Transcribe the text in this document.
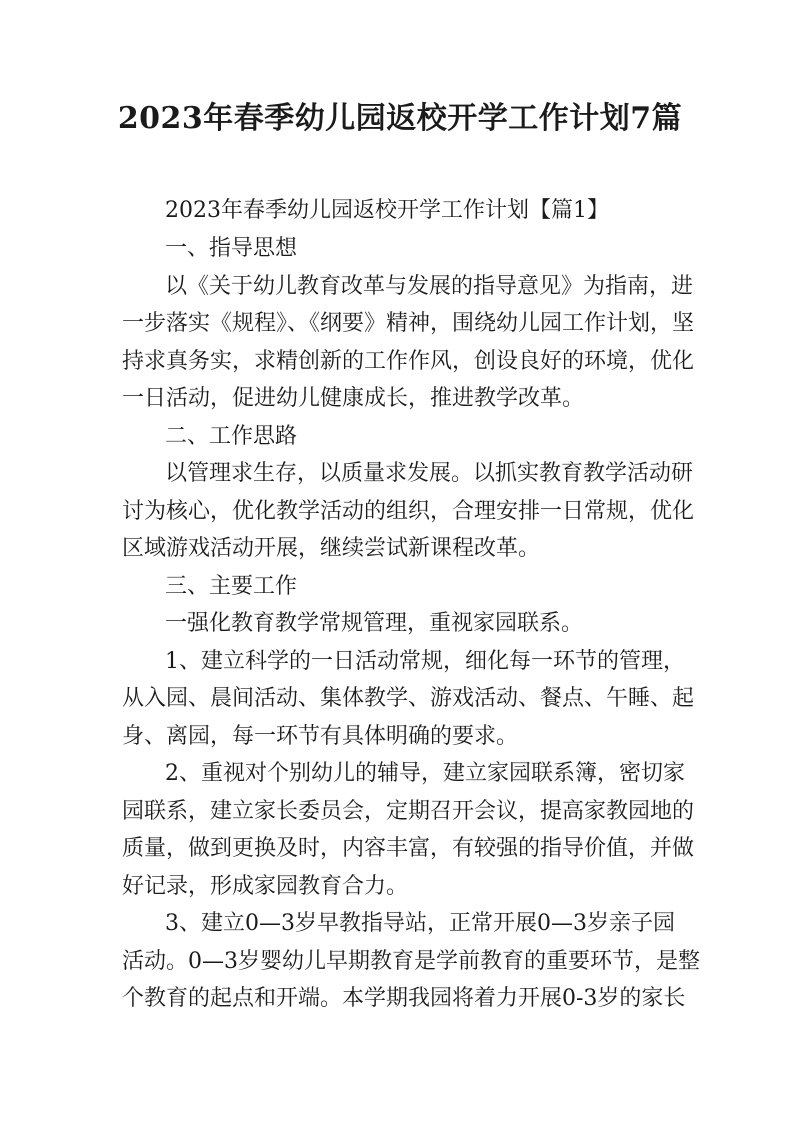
2023年春季幼儿园返校开学工作计划7篇
2023年春季幼儿园返校开学工作计划【篇1】
一、指导思想
以《关于幼儿教育改革与发展的指导意见》为指南，进
一步落实《规程》、《纲要》精神，围绕幼儿园工作计划，坚
持求真务实，求精创新的工作作风，创设良好的环境，优化
一日活动，促进幼儿健康成长，推进教学改革。
二、工作思路
以管理求生存，以质量求发展。以抓实教育教学活动研
讨为核心，优化教学活动的组织，合理安排一日常规，优化
区域游戏活动开展，继续尝试新课程改革。
三、主要工作
一强化教育教学常规管理，重视家园联系。
1、建立科学的一日活动常规，细化每一环节的管理，
从入园、晨间活动、集体教学、游戏活动、餐点、午睡、起
身、离园，每一环节有具体明确的要求。
2、重视对个别幼儿的辅导，建立家园联系簿，密切家
园联系，建立家长委员会，定期召开会议，提高家教园地的
质量，做到更换及时，内容丰富，有较强的指导价值，并做
好记录，形成家园教育合力。
3、建立0—3岁早教指导站，正常开展0—3岁亲子园
活动。0—3岁婴幼儿早期教育是学前教育的重要环节，是整
个教育的起点和开端。本学期我园将着力开展0-3岁的家长
